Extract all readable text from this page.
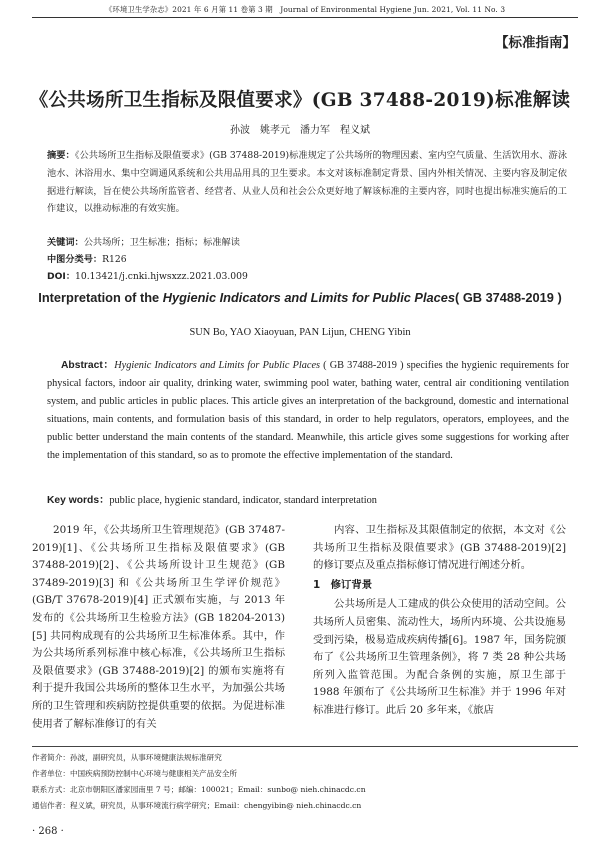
《环境卫生学杂志》2021 年 6 月第 11 卷第 3 期　Journal of Environmental Hygiene Jun. 2021, Vol. 11 No. 3
【标准指南】
《公共场所卫生指标及限值要求》(GB 37488-2019)标准解读
孙波　姚孝元　潘力军　程义斌
摘要：《公共场所卫生指标及限值要求》(GB 37488-2019)标准规定了公共场所的物理因素、室内空气质量、生活饮用水、游泳池水、沐浴用水、集中空调通风系统和公共用品用具的卫生要求。本文对该标准制定背景、国内外相关情况、主要内容及制定依据进行解读，旨在使公共场所监管者、经营者、从业人员和社会公众更好地了解该标准的主要内容，同时也提出标准实施后的工作建议，以推动标准的有效实施。
关键词：公共场所；卫生标准；指标；标准解读
中图分类号：R126
DOI：10.13421/j.cnki.hjwsxzz.2021.03.009
Interpretation of the Hygienic Indicators and Limits for Public Places( GB 37488-2019 )
SUN Bo, YAO Xiaoyuan, PAN Lijun, CHENG Yibin
Abstract：Hygienic Indicators and Limits for Public Places ( GB 37488-2019 ) specifies the hygienic requirements for physical factors, indoor air quality, drinking water, swimming pool water, bathing water, central air conditioning ventilation system, and public articles in public places. This article gives an interpretation of the background, domestic and international situations, main contents, and formulation basis of this standard, in order to help regulators, operators, employees, and the public better understand the main contents of the standard. Meanwhile, this article gives some suggestions for working after the implementation of this standard, so as to promote the effective implementation of the standard.
Key words：public place, hygienic standard, indicator, standard interpretation

2019 年，《公共场所卫生管理规范》(GB 37487-2019)[1]、《公共场所卫生指标及限值要求》(GB 37488-2019)[2]、《公共场所设计卫生规范》(GB 37489-2019)[3] 和《公共场所卫生学评价规范》(GB/T 37678-2019)[4] 正式颁布实施，与 2013 年发布的《公共场所卫生检验方法》(GB 18204-2013)[5] 共同构成现有的公共场所卫生标准体系。其中，作为公共场所系列标准中核心标准，《公共场所卫生指标及限值要求》(GB 37488-2019)[2] 的颁布实施将有利于提升我国公共场所的整体卫生水平，为加强公共场所的卫生管理和疾病防控提供重要的依据。为促进标准使用者了解标准修订的有关

内容、卫生指标及其限值制定的依据，本文对《公共场所卫生指标及限值要求》(GB 37488-2019)[2] 的修订要点及重点指标修订情况进行阐述分析。

1　修订背景

公共场所是人工建成的供公众使用的活动空间。公共场所人员密集、流动性大，场所内环境、公共设施易受到污染，极易造成疾病传播[6]。1987 年，国务院颁布了《公共场所卫生管理条例》，将 7 类 28 种公共场所列入监管范围。为配合条例的实施，原卫生部于 1988 年颁布了《公共场所卫生标准》并于 1996 年对标准进行修订。此后 20 多年来，《旅店

作者简介：孙波，副研究员，从事环境健康法规标准研究
作者单位：中国疾病预防控制中心环境与健康相关产品安全所
联系方式：北京市朝阳区潘家园南里 7 号；邮编：100021；Email：sunbo@ nieh.chinacdc.cn
通信作者：程义斌，研究员，从事环境流行病学研究；Email：chengyibin@ nieh.chinacdc.cn
· 268 ·
